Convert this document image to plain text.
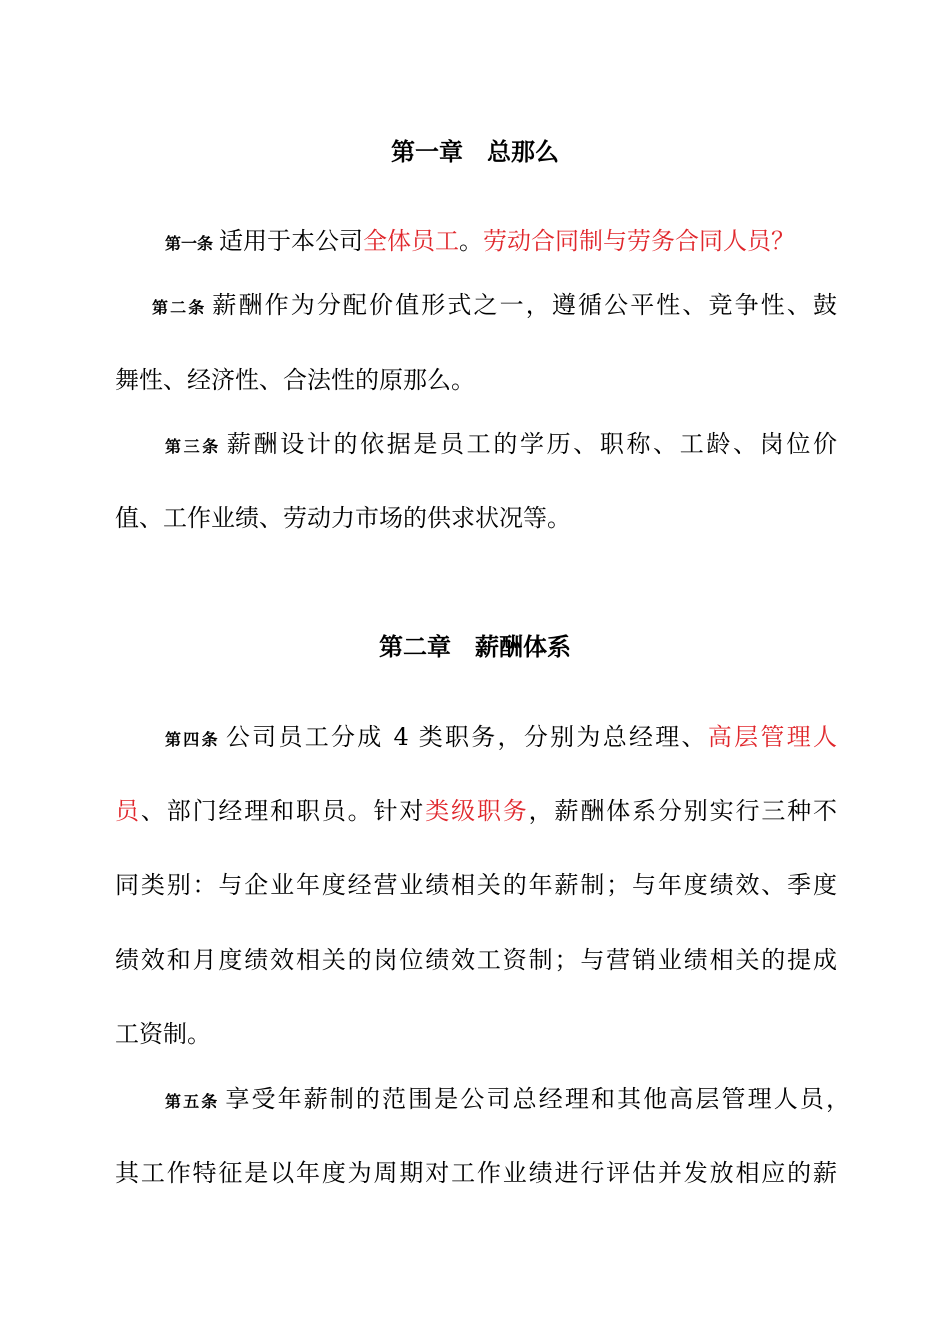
第一章　总那么
第一条 适用于本公司全体员工。劳动合同制与劳务合同人员？
第二条 薪酬作为分配价值形式之一，遵循公平性、竞争性、鼓
舞性、经济性、合法性的原那么。
第三条 薪酬设计的依据是员工的学历、职称、工龄、岗位价
值、工作业绩、劳动力市场的供求状况等。
第二章　薪酬体系
第四条 公司员工分成 4 类职务，分别为总经理、高层管理人
员、部门经理和职员。针对类级职务，薪酬体系分别实行三种不
同类别：与企业年度经营业绩相关的年薪制；与年度绩效、季度
绩效和月度绩效相关的岗位绩效工资制；与营销业绩相关的提成
工资制。
第五条 享受年薪制的范围是公司总经理和其他高层管理人员，
其工作特征是以年度为周期对工作业绩进行评估并发放相应的薪
